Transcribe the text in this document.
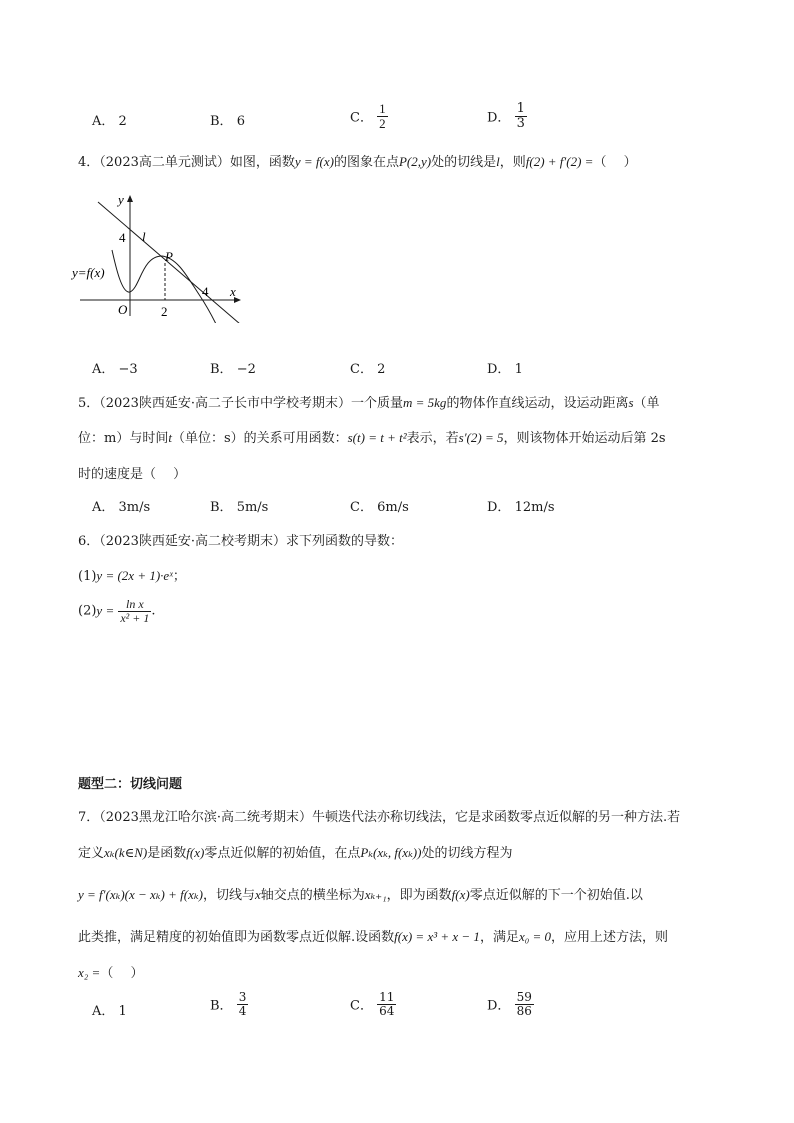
A． 2	B． 6	C． $\frac{1}{2}$	D． $\frac{1}{3}$
4．（2023高二单元测试）如图，函数y = f(x)的图象在点P(2,y)处的切线是l，则f(2) + f′(2) =（　 ）
y
x
O	2
4
4
P
l
y=f(x)
A． −3	B． −2	C． 2	D． 1
5．（2023陕西延安·高二子长市中学校考期末）一个质量m = 5kg的物体作直线运动，设运动距离s（单
位：m）与时间t（单位：s）的关系可用函数：s(t) = t + t²表示，若s′(2) = 5，则该物体开始运动后第 2s
时的速度是（　 ）
A． 3m/s	B． 5m/s	C． 6m/s	D． 12m/s
6．（2023陕西延安·高二校考期末）求下列函数的导数：
(1)y = (2x + 1)·eˣ；
$(2)y = \frac{\text{ln x}}{\text{x² + 1}}$ .
题型二：切线问题
7．（2023黑龙江哈尔滨·高二统考期末）牛顿迭代法亦称切线法，它是求函数零点近似解的另一种方法.若
定义xₖ(k∈N)是函数f(x)零点近似解的初始值，在点Pₖ(xₖ, f(xₖ))处的切线方程为
y = f′(xₖ)(x − xₖ) + f(xₖ)，切线与x轴交点的横坐标为xₖ₊₁，即为函数f(x)零点近似解的下一个初始值.以
此类推，满足精度的初始值即为函数零点近似解.设函数f(x) = x³ + x − 1，满足x₀ = 0，应用上述方法，则
x₂ =（　 ）
A． 1	B． $\frac{3}{4}$	C． $\frac{11}{64}$	D． $\frac{59}{86}$
